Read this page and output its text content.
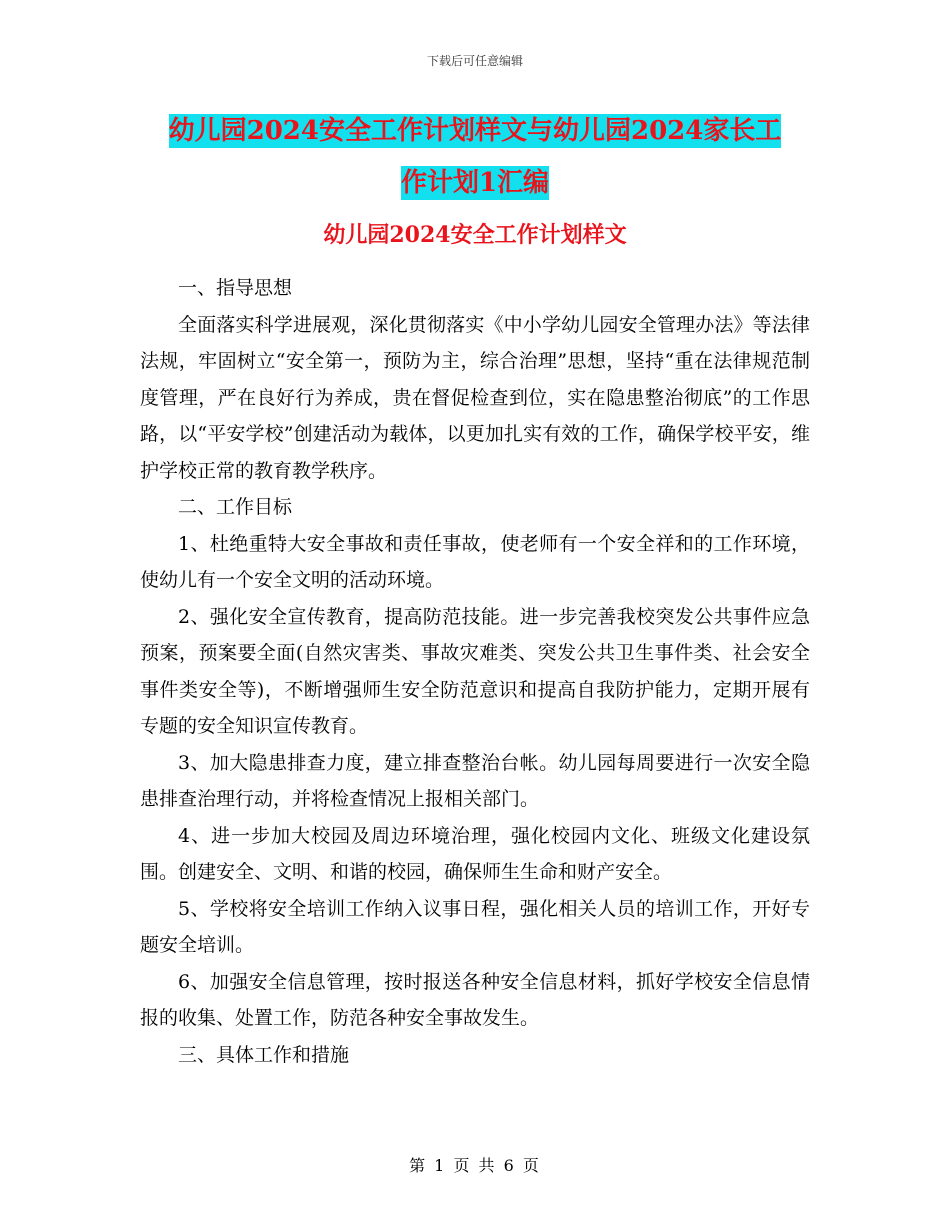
下载后可任意编辑
幼儿园2024安全工作计划样文与幼儿园2024家长工
作计划1汇编
幼儿园2024安全工作计划样文

一、指导思想

全面落实科学进展观，深化贯彻落实《中小学幼儿园安全管理办法》等法律法规，牢固树立“安全第一，预防为主，综合治理”思想，坚持“重在法律规范制度管理，严在良好行为养成，贵在督促检查到位，实在隐患整治彻底”的工作思路，以“平安学校”创建活动为载体，以更加扎实有效的工作，确保学校平安，维护学校正常的教育教学秩序。

二、工作目标

1、杜绝重特大安全事故和责任事故，使老师有一个安全祥和的工作环境，使幼儿有一个安全文明的活动环境。

2、强化安全宣传教育，提高防范技能。进一步完善我校突发公共事件应急预案，预案要全面(自然灾害类、事故灾难类、突发公共卫生事件类、社会安全事件类安全等)，不断增强师生安全防范意识和提高自我防护能力，定期开展有专题的安全知识宣传教育。

3、加大隐患排查力度，建立排查整治台帐。幼儿园每周要进行一次安全隐患排查治理行动，并将检查情况上报相关部门。

4、进一步加大校园及周边环境治理，强化校园内文化、班级文化建设氛围。创建安全、文明、和谐的校园，确保师生生命和财产安全。

5、学校将安全培训工作纳入议事日程，强化相关人员的培训工作，开好专题安全培训。

6、加强安全信息管理，按时报送各种安全信息材料，抓好学校安全信息情报的收集、处置工作，防范各种安全事故发生。

三、具体工作和措施

第 1 页 共 6 页
